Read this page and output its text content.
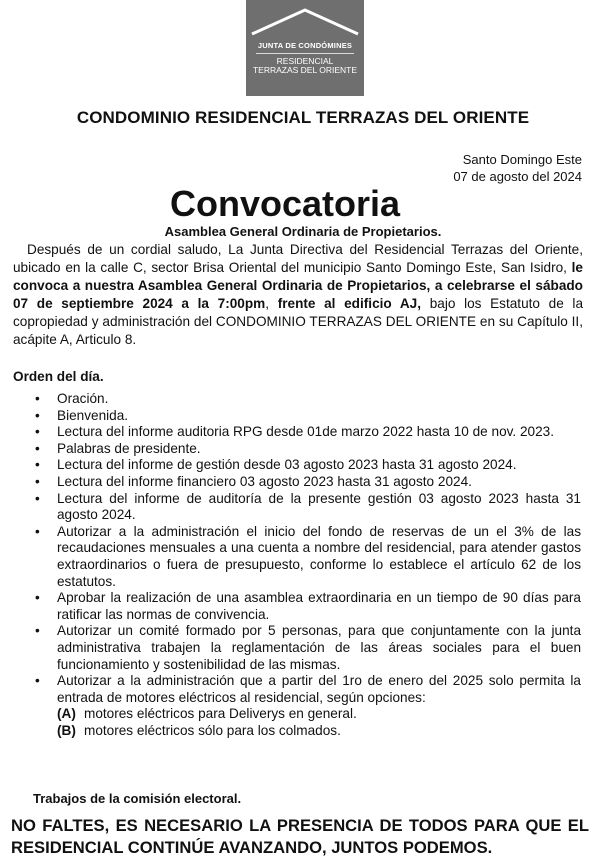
JUNTA DE CONDÓMINES
RESIDENCIAL
TERRAZAS DEL ORIENTE
CONDOMINIO RESIDENCIAL TERRAZAS DEL ORIENTE
Santo Domingo Este
07 de agosto del 2024
Convocatoria
Asamblea General Ordinaria de Propietarios.
Después de un cordial saludo, La Junta Directiva del Residencial Terrazas del Oriente, ubicado en la calle C, sector Brisa Oriental del municipio Santo Domingo Este, San Isidro, le convoca a nuestra Asamblea General Ordinaria de Propietarios, a celebrarse el sábado 07 de septiembre 2024 a la 7:00pm, frente al edificio AJ, bajo los Estatuto de la copropiedad y administración del CONDOMINIO TERRAZAS DEL ORIENTE en su Capítulo II, acápite A, Articulo 8.
Orden del día.
• Oración.
• Bienvenida.
• Lectura del informe auditoria RPG desde 01de marzo 2022 hasta 10 de nov. 2023.
• Palabras de presidente.
• Lectura del informe de gestión desde 03 agosto 2023 hasta 31 agosto 2024.
• Lectura del informe financiero 03 agosto 2023 hasta 31 agosto 2024.
• Lectura del informe de auditoría de la presente gestión 03 agosto 2023 hasta 31 agosto 2024.
• Autorizar a la administración el inicio del fondo de reservas de un el 3% de las recaudaciones mensuales a una cuenta a nombre del residencial, para atender gastos extraordinarios o fuera de presupuesto, conforme lo establece el artículo 62 de los estatutos.
• Aprobar la realización de una asamblea extraordinaria en un tiempo de 90 días para ratificar las normas de convivencia.
• Autorizar un comité formado por 5 personas, para que conjuntamente con la junta administrativa trabajen la reglamentación de las áreas sociales para el buen funcionamiento y sostenibilidad de las mismas.
• Autorizar a la administración que a partir del 1ro de enero del 2025 solo permita la entrada de motores eléctricos al residencial, según opciones:
(A) motores eléctricos para Deliverys en general.
(B) motores eléctricos sólo para los colmados.
Trabajos de la comisión electoral.
NO FALTES, ES NECESARIO LA PRESENCIA DE TODOS PARA QUE EL RESIDENCIAL CONTINÚE AVANZANDO, JUNTOS PODEMOS.
